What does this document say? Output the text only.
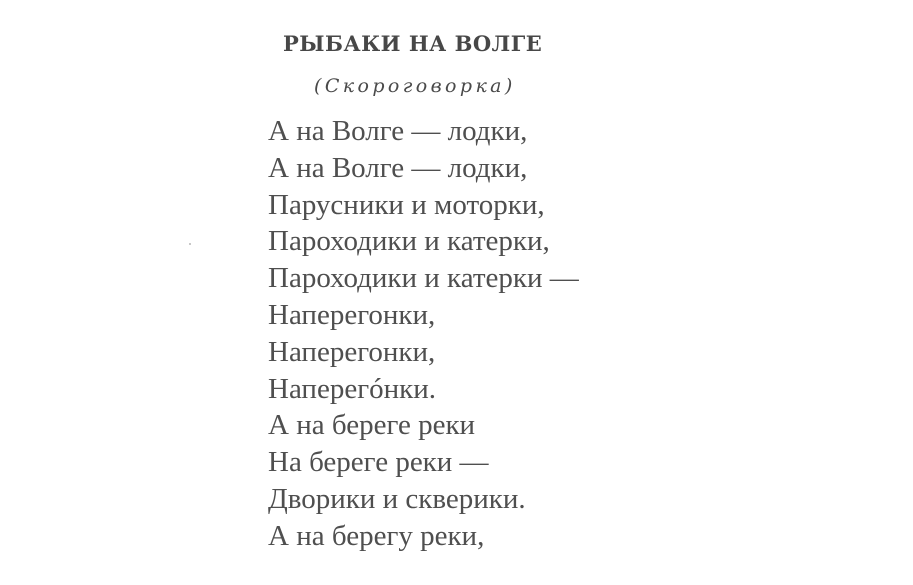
РЫБАКИ НА ВОЛГЕ

(Скороговорка)

А на Волге — лодки,
А на Волге — лодки,
Парусники и моторки,
Пароходики и катерки,
Пароходики и катерки —
Наперегонки,
Наперегонки,
Наперегóнки.
А на береге реки
На береге реки —
Дворики и скверики.
А на берегу реки,
